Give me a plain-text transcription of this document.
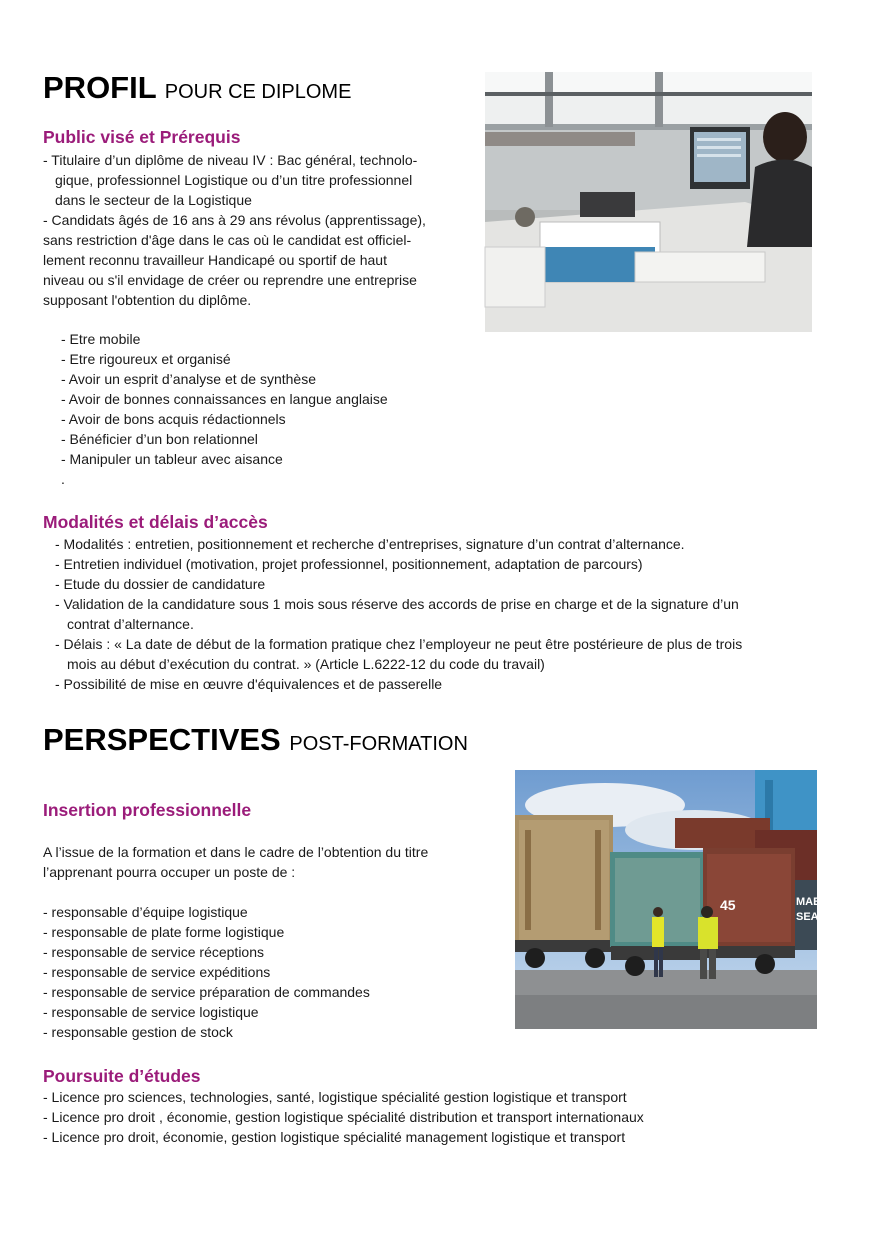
PROFIL POUR CE DIPLOME
Public visé et Prérequis
- Titulaire d’un diplôme de niveau IV : Bac général, technolo-
gique, professionnel Logistique ou d’un titre professionnel
dans le secteur de la Logistique
- Candidats âgés de 16 ans à 29 ans révolus (apprentissage),
sans restriction d'âge dans le cas où le candidat est officiel-
lement reconnu travailleur Handicapé ou sportif de haut
niveau ou s'il envidage de créer ou reprendre une entreprise
supposant l'obtention du diplôme.
- Etre mobile
- Etre rigoureux et organisé
- Avoir un esprit d’analyse et de synthèse
- Avoir de bonnes connaissances en langue anglaise
- Avoir de bons acquis rédactionnels
- Bénéficier d’un bon relationnel
- Manipuler un tableur avec aisance
.
Modalités et délais d’accès
- Modalités : entretien, positionnement et recherche d’entreprises, signature d’un contrat d’alternance.
- Entretien individuel (motivation, projet professionnel, positionnement, adaptation de parcours)
- Etude du dossier de candidature
- Validation de la candidature sous 1 mois sous réserve des accords de prise en charge et de la signature d’un
contrat d’alternance.
- Délais : « La date de début de la formation pratique chez l’employeur ne peut être postérieure de plus de trois
mois au début d’exécution du contrat. » (Article L.6222-12 du code du travail)
- Possibilité de mise en œuvre d'équivalences et de passerelle
PERSPECTIVES POST-FORMATION
Insertion professionnelle
A l’issue de la formation et dans le cadre de l’obtention du titre
l’apprenant pourra occuper un poste de :
- responsable d’équipe logistique
- responsable de plate forme logistique
- responsable de service réceptions
- responsable de service expéditions
- responsable de service préparation de commandes
- responsable de service logistique
- responsable gestion de stock
Poursuite d’études
- Licence pro sciences, technologies, santé, logistique spécialité gestion logistique et transport
- Licence pro droit , économie, gestion logistique spécialité distribution et transport internationaux
- Licence pro droit, économie, gestion logistique spécialité management logistique et transport
45	MAE
SEA
